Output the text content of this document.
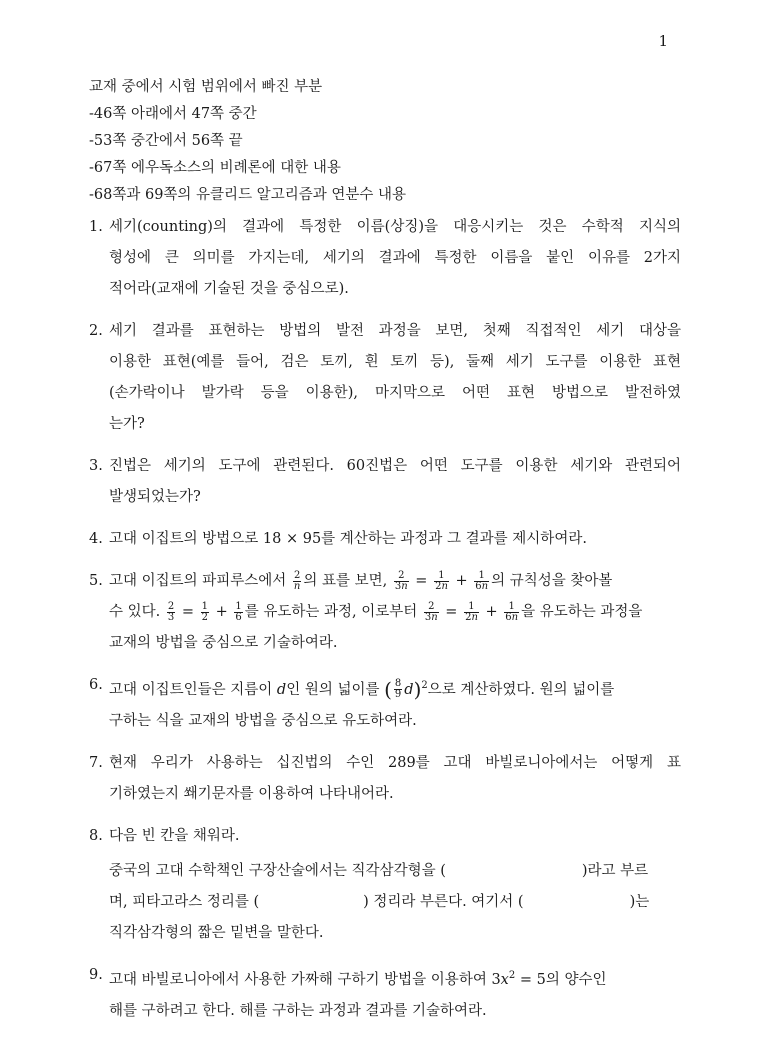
1
교재 중에서 시험 범위에서 빠진 부분
-46쪽 아래에서 47쪽 중간
-53쪽 중간에서 56쪽 끝
-67쪽 에우독소스의 비례론에 대한 내용
-68쪽과 69쪽의 유클리드 알고리즘과 연분수 내용
1. 세기(counting)의 결과에 특정한 이름(상징)을 대응시키는 것은 수학적 지식의
형성에 큰 의미를 가지는데, 세기의 결과에 특정한 이름을 붙인 이유를 2가지
적어라(교재에 기술된 것을 중심으로).
2. 세기 결과를 표현하는 방법의 발전 과정을 보면, 첫째 직접적인 세기 대상을
이용한 표현(예를 들어, 검은 토끼, 흰 토끼 등), 둘째 세기 도구를 이용한 표현
(손가락이나 발가락 등을 이용한), 마지막으로 어떤 표현 방법으로 발전하였
는가?
3. 진법은 세기의 도구에 관련된다. 60진법은 어떤 도구를 이용한 세기와 관련되어
발생되었는가?
4. 고대 이집트의 방법으로 18 × 95를 계산하는 과정과 그 결과를 제시하여라.
5. 고대 이집트의 파피루스에서 $\frac{2}{n}$ 의 표를 보면, $\frac{2}{3n} = \frac{1}{2n} + \frac{1}{6n}$ 의 규칙성을 찾아볼
수 있다. $\frac{2}{3} = \frac{1}{2} + \frac{1}{6}$ 를 유도하는 과정, 이로부터 $\frac{2}{3n} = \frac{1}{2n} + \frac{1}{6n}$ 을 유도하는 과정을
교재의 방법을 중심으로 기술하여라.
6. 고대 이집트인들은 지름이 d인 원의 넓이를 ( $\frac{8}{9} d)^2$으로 계산하였다. 원의 넓이를
구하는 식을 교재의 방법을 중심으로 유도하여라.
7. 현재 우리가 사용하는 십진법의 수인 289를 고대 바빌로니아에서는 어떻게 표
기하였는지 쐐기문자를 이용하여 나타내어라.
8. 다음 빈 칸을 채워라.
중국의 고대 수학책인 구장산술에서는 직각삼각형을 (	)라고 부르
며, 피타고라스 정리를 (	) 정리라 부른다. 여기서 (	)는
직각삼각형의 짧은 밑변을 말한다.
9. 고대 바빌로니아에서 사용한 가짜해 구하기 방법을 이용하여 $3x^2 = 5$의 양수인
해를 구하려고 한다. 해를 구하는 과정과 결과를 기술하여라.
